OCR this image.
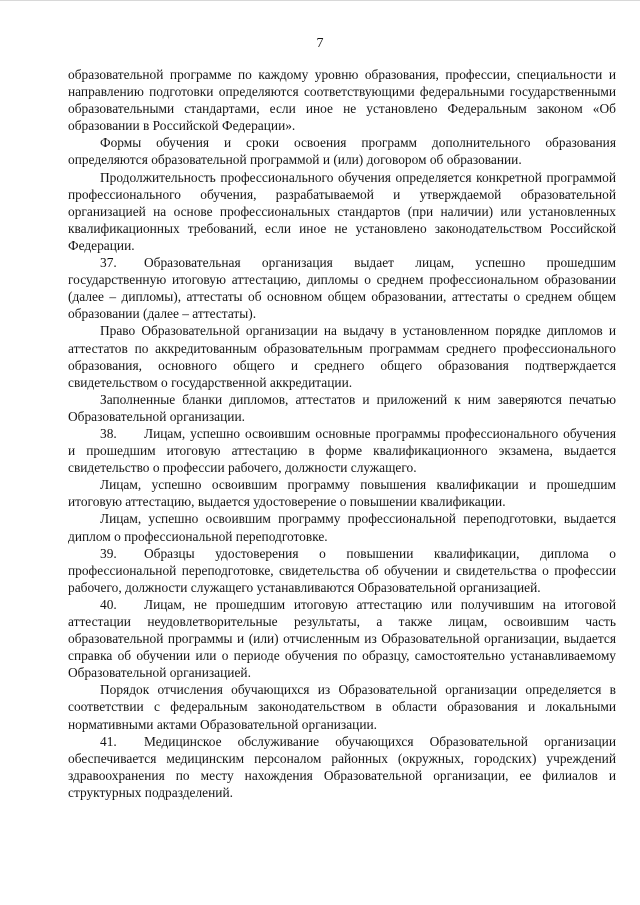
7

образовательной программе по каждому уровню образования, профессии, специальности и направлению подготовки определяются соответствующими федеральными государственными образовательными стандартами, если иное не установлено Федеральным законом «Об образовании в Российской Федерации».

Формы обучения и сроки освоения программ дополнительного образования определяются образовательной программой и (или) договором об образовании.

Продолжительность профессионального обучения определяется конкретной программой профессионального обучения, разрабатываемой и утверждаемой образовательной организацией на основе профессиональных стандартов (при наличии) или установленных квалификационных требований, если иное не установлено законодательством Российской Федерации.

37. Образовательная организация выдает лицам, успешно прошедшим государственную итоговую аттестацию, дипломы о среднем профессиональном образовании (далее – дипломы), аттестаты об основном общем образовании, аттестаты о среднем общем образовании (далее – аттестаты).

Право Образовательной организации на выдачу в установленном порядке дипломов и аттестатов по аккредитованным образовательным программам среднего профессионального образования, основного общего и среднего общего образования подтверждается свидетельством о государственной аккредитации.

Заполненные бланки дипломов, аттестатов и приложений к ним заверяются печатью Образовательной организации.

38. Лицам, успешно освоившим основные программы профессионального обучения и прошедшим итоговую аттестацию в форме квалификационного экзамена, выдается свидетельство о профессии рабочего, должности служащего.

Лицам, успешно освоившим программу повышения квалификации и прошедшим итоговую аттестацию, выдается удостоверение о повышении квалификации.

Лицам, успешно освоившим программу профессиональной переподготовки, выдается диплом о профессиональной переподготовке.

39. Образцы удостоверения о повышении квалификации, диплома о профессиональной переподготовке, свидетельства об обучении и свидетельства о профессии рабочего, должности служащего устанавливаются Образовательной организацией.

40. Лицам, не прошедшим итоговую аттестацию или получившим на итоговой аттестации неудовлетворительные результаты, а также лицам, освоившим часть образовательной программы и (или) отчисленным из Образовательной организации, выдается справка об обучении или о периоде обучения по образцу, самостоятельно устанавливаемому Образовательной организацией.

Порядок отчисления обучающихся из Образовательной организации определяется в соответствии с федеральным законодательством в области образования и локальными нормативными актами Образовательной организации.

41. Медицинское обслуживание обучающихся Образовательной организации обеспечивается медицинским персоналом районных (окружных, городских) учреждений здравоохранения по месту нахождения Образовательной организации, ее филиалов и структурных подразделений.
